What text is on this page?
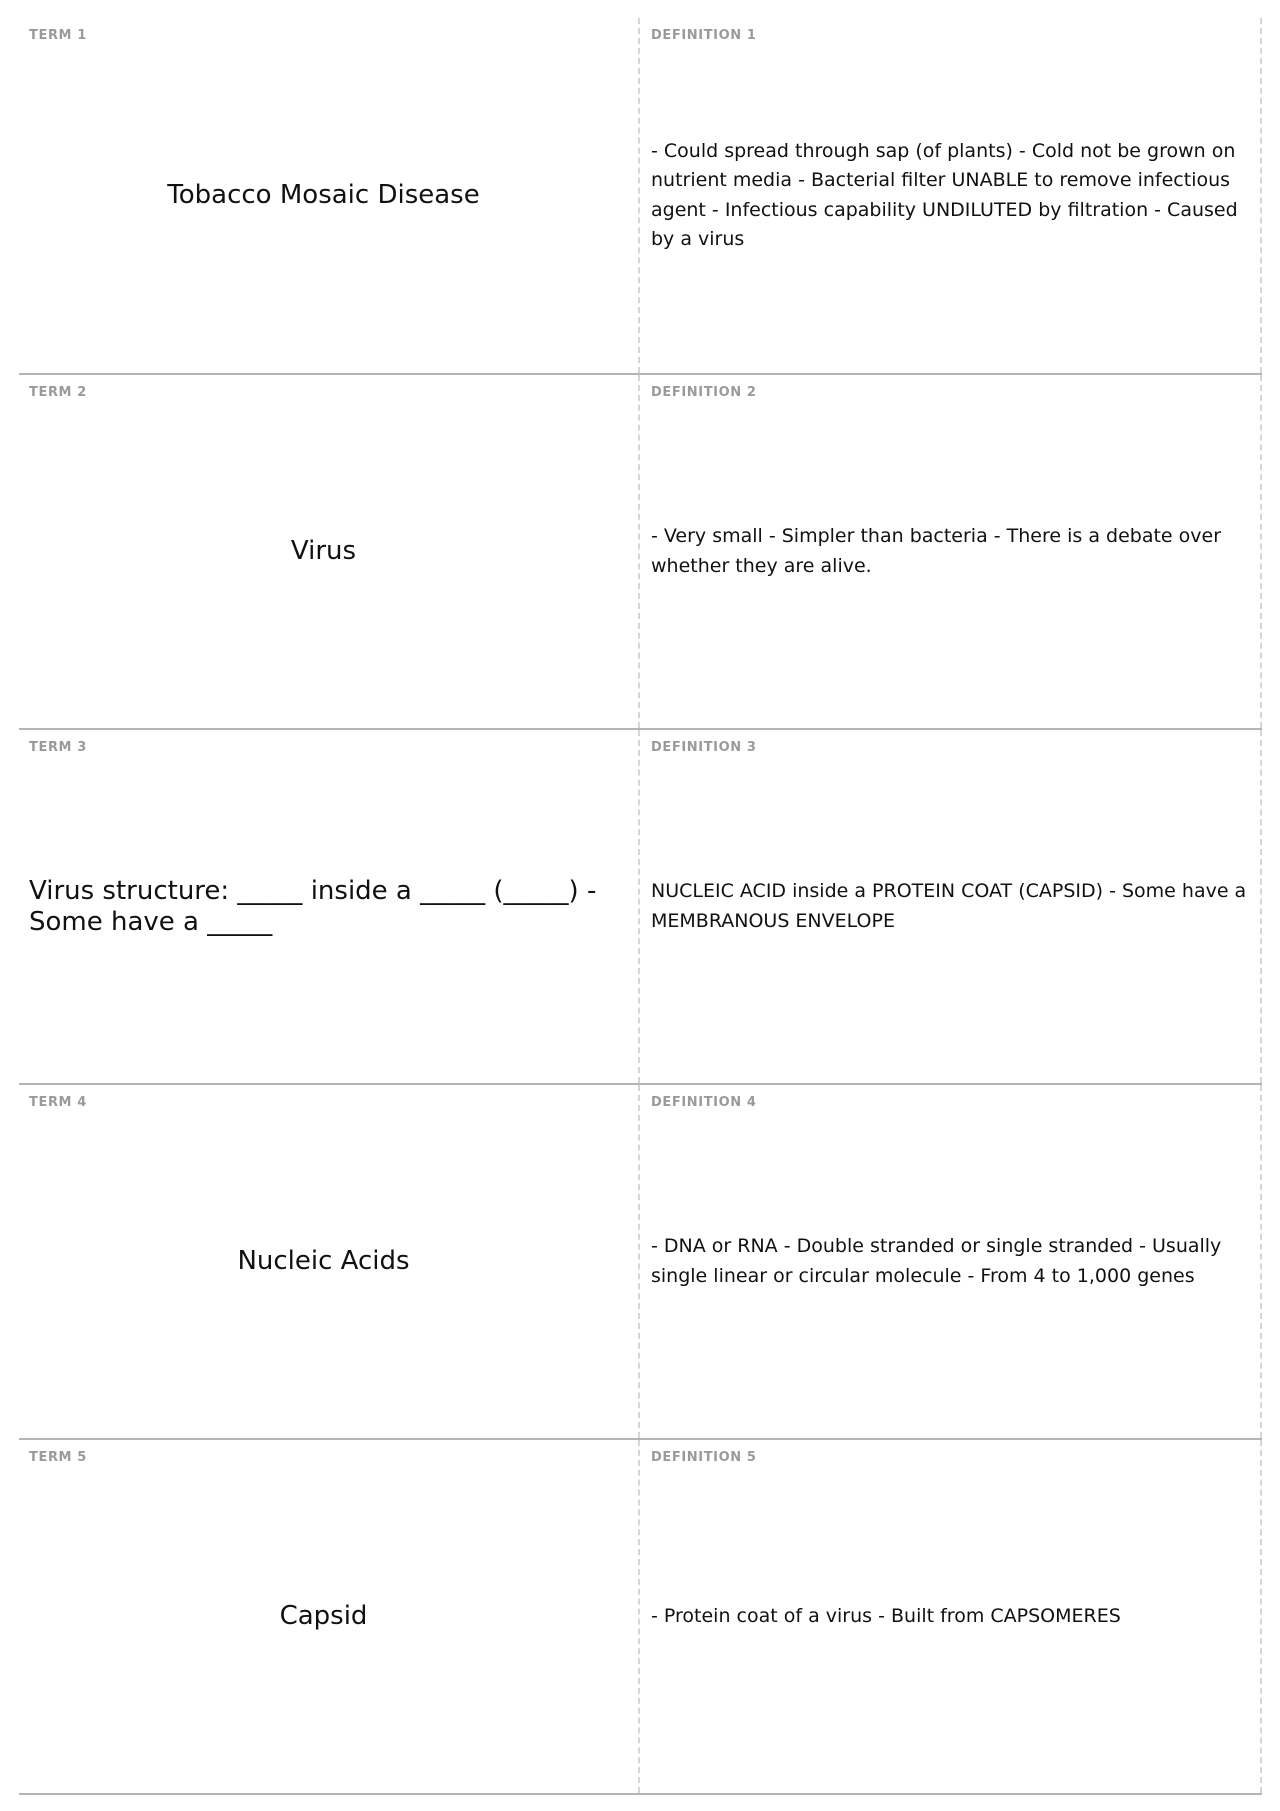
TERM 1
Tobacco Mosaic Disease
DEFINITION 1
- Could spread through sap (of plants) - Cold not be grown on nutrient media - Bacterial filter UNABLE to remove infectious agent - Infectious capability UNDILUTED by filtration - Caused by a virus
TERM 2
Virus
DEFINITION 2
- Very small - Simpler than bacteria - There is a debate over whether they are alive.
TERM 3
Virus structure: _____ inside a _____ (_____) - Some have a _____
DEFINITION 3
NUCLEIC ACID inside a PROTEIN COAT (CAPSID) - Some have a MEMBRANOUS ENVELOPE
TERM 4
Nucleic Acids
DEFINITION 4
- DNA or RNA - Double stranded or single stranded - Usually single linear or circular molecule - From 4 to 1,000 genes
TERM 5
Capsid
DEFINITION 5
- Protein coat of a virus - Built from CAPSOMERES
